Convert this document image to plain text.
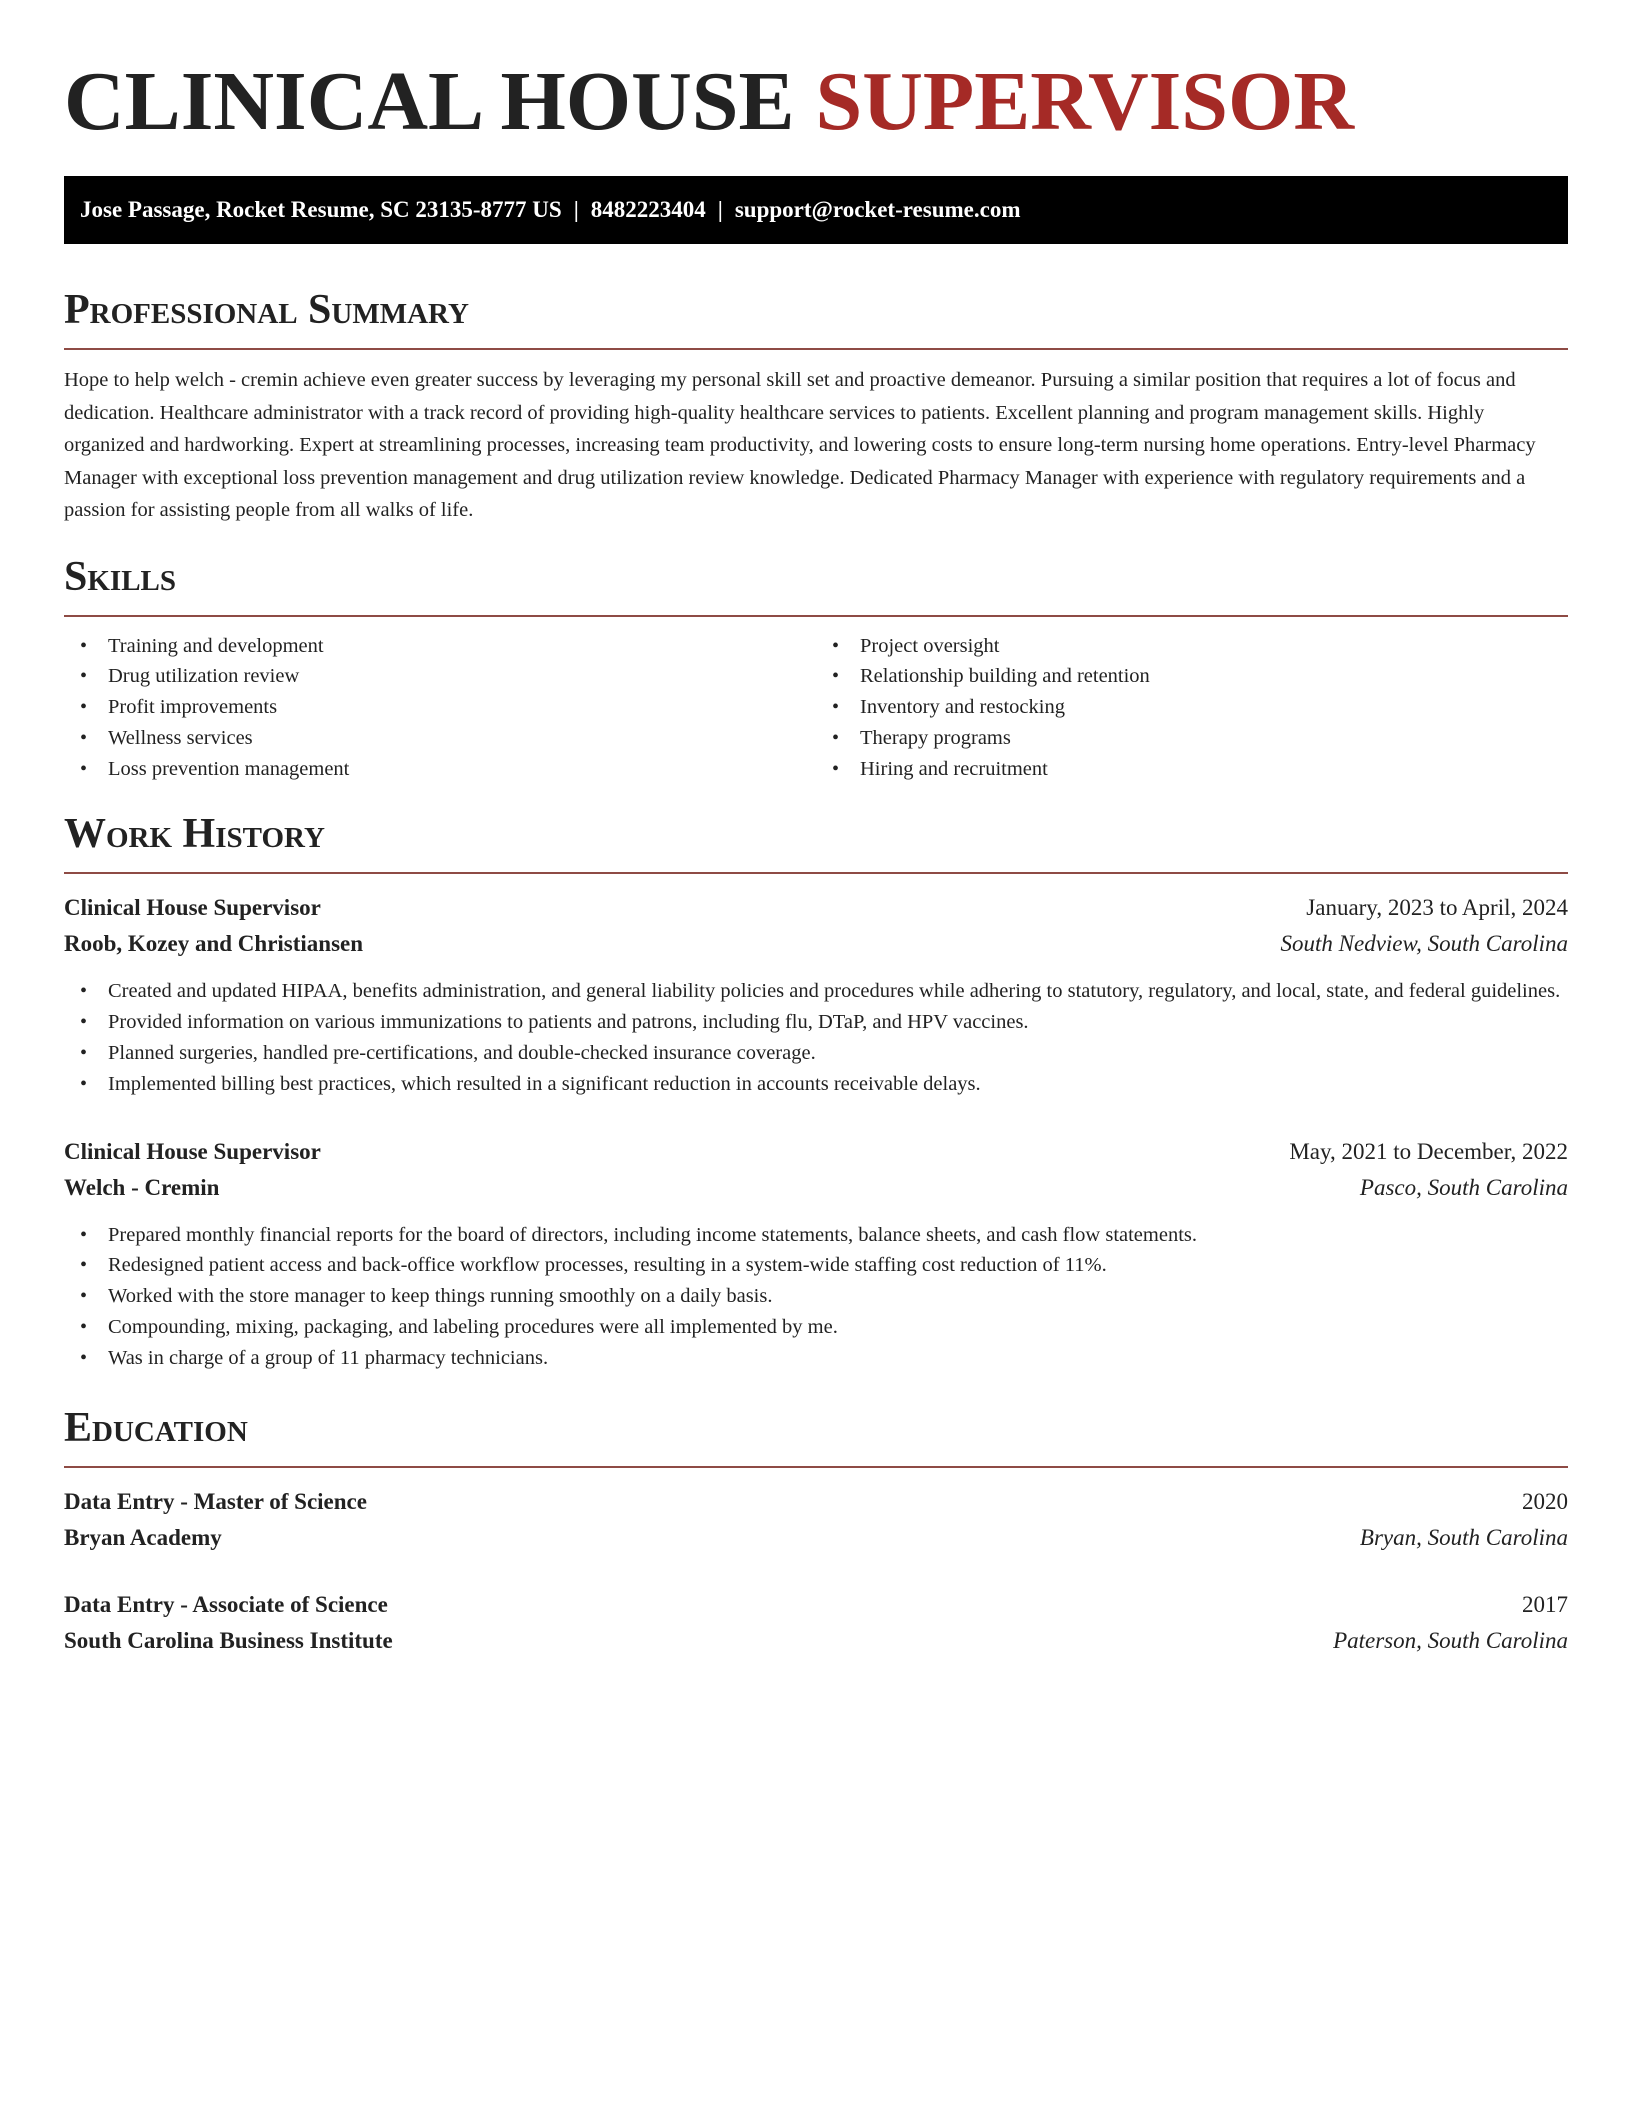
CLINICAL HOUSE SUPERVISOR
Jose Passage, Rocket Resume, SC 23135-8777 US | 8482223404 | support@rocket-resume.com
Professional Summary

Hope to help welch - cremin achieve even greater success by leveraging my personal skill set and proactive demeanor. Pursuing a similar position that requires a lot of focus and dedication. Healthcare administrator with a track record of providing high-quality healthcare services to patients. Excellent planning and program management skills. Highly organized and hardworking. Expert at streamlining processes, increasing team productivity, and lowering costs to ensure long-term nursing home operations. Entry-level Pharmacy Manager with exceptional loss prevention management and drug utilization review knowledge. Dedicated Pharmacy Manager with experience with regulatory requirements and a passion for assisting people from all walks of life.

Skills
• Training and development
• Drug utilization review
• Profit improvements
• Wellness services
• Loss prevention management
• Project oversight
• Relationship building and retention
• Inventory and restocking
• Therapy programs
• Hiring and recruitment
Work History
Clinical House Supervisor	January, 2023 to April, 2024
Roob, Kozey and Christiansen	South Nedview, South Carolina
• Created and updated HIPAA, benefits administration, and general liability policies and procedures while adhering to statutory, regulatory, and local, state, and federal guidelines.
• Provided information on various immunizations to patients and patrons, including flu, DTaP, and HPV vaccines.
• Planned surgeries, handled pre-certifications, and double-checked insurance coverage.
• Implemented billing best practices, which resulted in a significant reduction in accounts receivable delays.
Clinical House Supervisor	May, 2021 to December, 2022
Welch - Cremin	Pasco, South Carolina
• Prepared monthly financial reports for the board of directors, including income statements, balance sheets, and cash flow statements.
• Redesigned patient access and back-office workflow processes, resulting in a system-wide staffing cost reduction of 11%.
• Worked with the store manager to keep things running smoothly on a daily basis.
• Compounding, mixing, packaging, and labeling procedures were all implemented by me.
• Was in charge of a group of 11 pharmacy technicians.
Education
Data Entry - Master of Science	2020
Bryan Academy	Bryan, South Carolina
Data Entry - Associate of Science	2017
South Carolina Business Institute	Paterson, South Carolina
